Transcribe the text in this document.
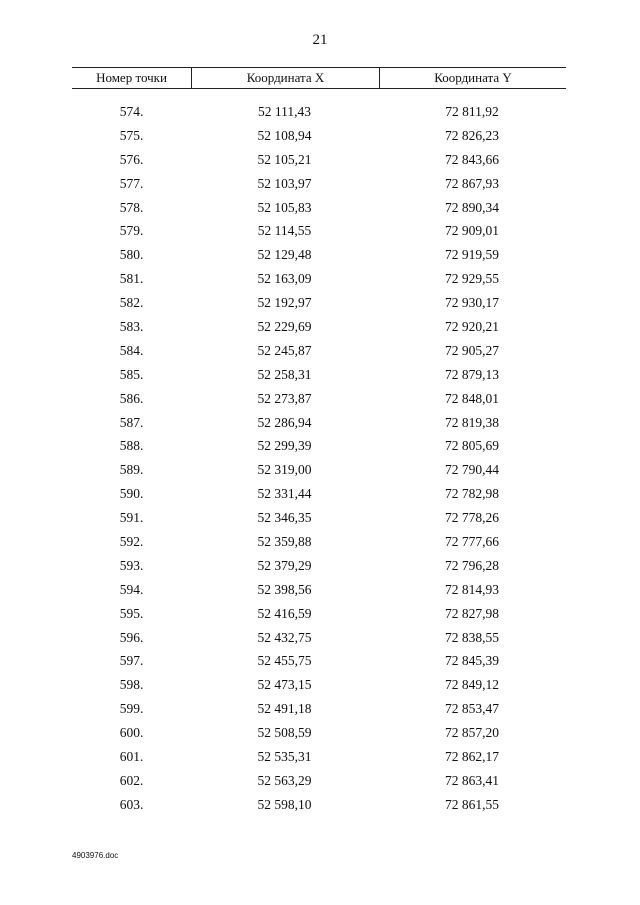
21
Номер точки	Координата X	Координата Y
574.	52 111,43	72 811,92
575.	52 108,94	72 826,23
576.	52 105,21	72 843,66
577.	52 103,97	72 867,93
578.	52 105,83	72 890,34
579.	52 114,55	72 909,01
580.	52 129,48	72 919,59
581.	52 163,09	72 929,55
582.	52 192,97	72 930,17
583.	52 229,69	72 920,21
584.	52 245,87	72 905,27
585.	52 258,31	72 879,13
586.	52 273,87	72 848,01
587.	52 286,94	72 819,38
588.	52 299,39	72 805,69
589.	52 319,00	72 790,44
590.	52 331,44	72 782,98
591.	52 346,35	72 778,26
592.	52 359,88	72 777,66
593.	52 379,29	72 796,28
594.	52 398,56	72 814,93
595.	52 416,59	72 827,98
596.	52 432,75	72 838,55
597.	52 455,75	72 845,39
598.	52 473,15	72 849,12
599.	52 491,18	72 853,47
600.	52 508,59	72 857,20
601.	52 535,31	72 862,17
602.	52 563,29	72 863,41
603.	52 598,10	72 861,55
4903976.doc
